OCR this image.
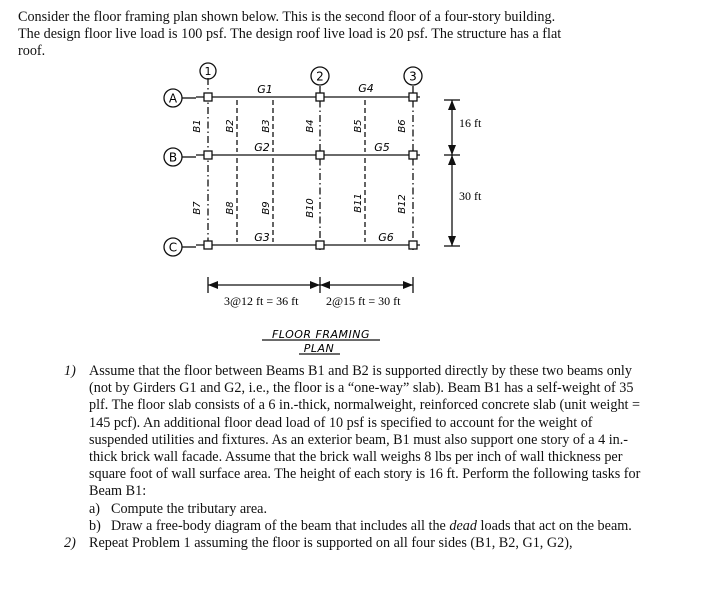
Consider the floor framing plan shown below. This is the second floor of a four-story building.

The design floor live load is 100 psf. The design roof live load is 20 psf. The structure has a flat

roof.

A
B
C
1	2	3
G1
G2
G3
G4
G5
G6
B1 B2	B3	B4	B5	B6
B7 B8	B9	B10	B11	B12
16 ft
30 ft
3@12 ft = 36 ft 2@15 ft = 30 ft
FLOOR FRAMING
PLAN
1) Assume that the floor between Beams B1 and B2 is supported directly by these two beams only (not by Girders G1 and G2, i.e., the floor is a “one-way” slab). Beam B1 has a self-weight of 35 plf. The floor slab consists of a 6 in.-thick, normalweight, reinforced concrete slab (unit weight = 145 pcf). An additional floor dead load of 10 psf is specified to account for the weight of suspended utilities and fixtures. As an exterior beam, B1 must also support one story of a 4 in.-thick brick wall facade. Assume that the brick wall weighs 8 lbs per inch of wall thickness per square foot of wall surface area. The height of each story is 16 ft. Perform the following tasks for Beam B1:
a) Compute the tributary area.
b) Draw a free-body diagram of the beam that includes all the dead loads that act on the beam.
2) Repeat Problem 1 assuming the floor is supported on all four sides (B1, B2, G1, G2),
